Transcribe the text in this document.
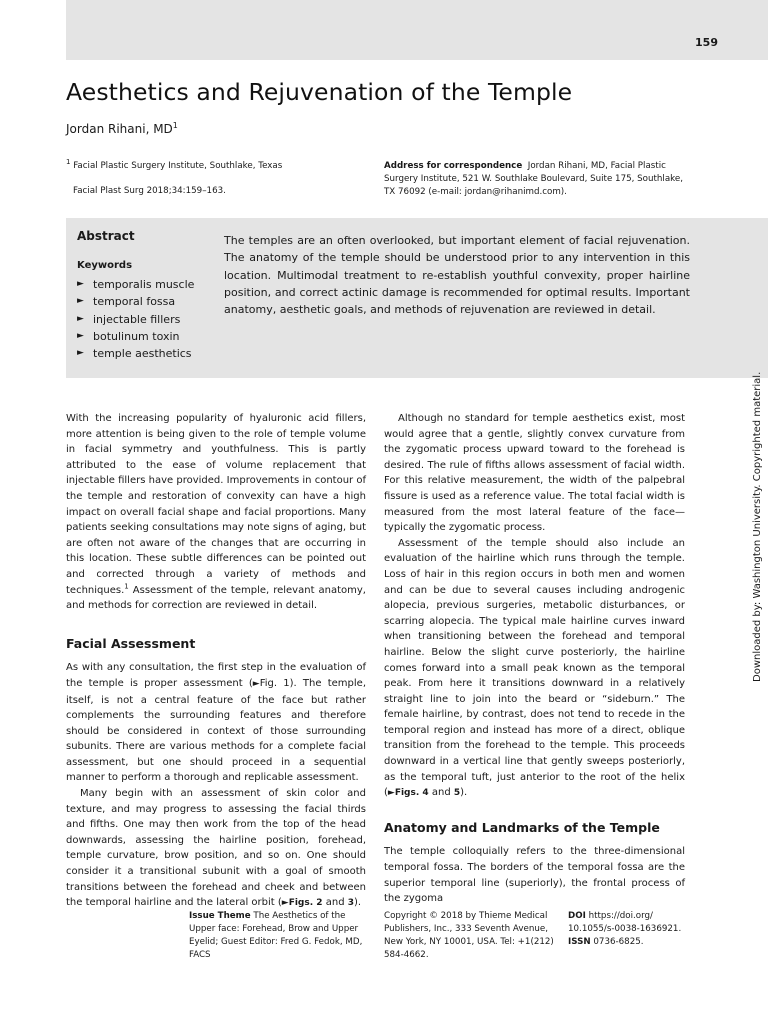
159
Aesthetics and Rejuvenation of the Temple
Jordan Rihani, $MD^1$
$^1$ Facial Plastic Surgery Institute, Southlake, Texas
Facial Plast Surg 2018;34:159–163.
Address for correspondence Jordan Rihani, MD, Facial Plastic Surgery Institute, 521 W. Southlake Boulevard, Suite 175, Southlake, TX 76092 (e-mail: jordan@rihanimd.com).
Abstract
Keywords
► temporalis muscle
► temporal fossa
► injectable fillers
► botulinum toxin
► temple aesthetics

The temples are an often overlooked, but important element of facial rejuvenation. The anatomy of the temple should be understood prior to any intervention in this location. Multimodal treatment to re-establish youthful convexity, proper hairline position, and correct actinic damage is recommended for optimal results. Important anatomy, aesthetic goals, and methods of rejuvenation are reviewed in detail.

With the increasing popularity of hyaluronic acid fillers, more attention is being given to the role of temple volume in facial symmetry and youthfulness. This is partly attributed to the ease of volume replacement that injectable fillers have provided. Improvements in contour of the temple and restoration of convexity can have a high impact on overall facial shape and facial proportions. Many patients seeking consultations may note signs of aging, but are often not aware of the changes that are occurring in this location. These subtle differences can be pointed out and corrected through a variety of methods and techniques.$^1$ Assessment of the temple, relevant anatomy, and methods for correction are reviewed in detail.

Facial Assessment

As with any consultation, the first step in the evaluation of the temple is proper assessment (►Fig. 1). The temple, itself, is not a central feature of the face but rather complements the surrounding features and therefore should be considered in context of those surrounding subunits. There are various methods for a complete facial assessment, but one should proceed in a sequential manner to perform a thorough and replicable assessment.

Many begin with an assessment of skin color and texture, and may progress to assessing the facial thirds and fifths. One may then work from the top of the head downwards, assessing the hairline position, forehead, temple curvature, brow position, and so on. One should consider it a transitional subunit with a goal of smooth transitions between the forehead and cheek and between the temporal hairline and the lateral orbit (►Figs. 2 and 3).

Although no standard for temple aesthetics exist, most would agree that a gentle, slightly convex curvature from the zygomatic process upward toward to the forehead is desired. The rule of fifths allows assessment of facial width. For this relative measurement, the width of the palpebral fissure is used as a reference value. The total facial width is measured from the most lateral feature of the face—typically the zygomatic process.

Assessment of the temple should also include an evaluation of the hairline which runs through the temple. Loss of hair in this region occurs in both men and women and can be due to several causes including androgenic alopecia, previous surgeries, metabolic disturbances, or scarring alopecia. The typical male hairline curves inward when transitioning between the forehead and temporal hairline. Below the slight curve posteriorly, the hairline comes forward into a small peak known as the temporal peak. From here it transitions downward in a relatively straight line to join into the beard or “sideburn.” The female hairline, by contrast, does not tend to recede in the temporal region and instead has more of a direct, oblique transition from the forehead to the temple. This proceeds downward in a vertical line that gently sweeps posteriorly, as the temporal tuft, just anterior to the root of the helix (►Figs. 4 and 5).

Anatomy and Landmarks of the Temple

The temple colloquially refers to the three-dimensional temporal fossa. The borders of the temporal fossa are the superior temporal line (superiorly), the frontal process of the zygoma

Issue Theme The Aesthetics of the Upper face: Forehead, Brow and Upper Eyelid; Guest Editor: Fred G. Fedok, MD, FACS
Copyright © 2018 by Thieme Medical Publishers, Inc., 333 Seventh Avenue, New York, NY 10001, USA. Tel: +1(212) 584-4662.
DOI https://doi.org/ 10.1055/s-0038-1636921.
ISSN 0736-6825.
Downloaded by: Washington University. Copyrighted material.
